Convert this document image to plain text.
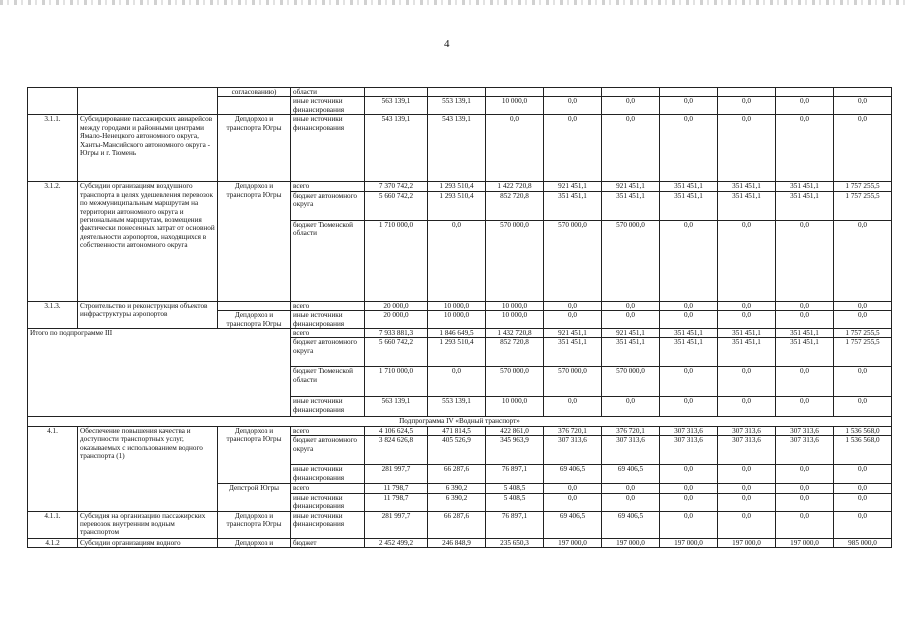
4
		согласованию)	области									
			иные источники финансирования	563 139,1	553 139,1	10 000,0	0,0	0,0	0,0	0,0	0,0	0,0
3.1.1.	Субсидирование пассажирских авиарейсов между городами и районными центрами Ямало-Ненецкого автономного округа, Ханты-Мансийского автономного округа - Югры и г. Тюмень	Депдорхоз и транспорта Югры	иные источники финансирования	543 139,1	543 139,1	0,0	0,0	0,0	0,0	0,0	0,0	0,0
3.1.2.	Субсидии организациям воздушного транспорта в целях удешевления перевозок по межмуниципальным маршрутам на территории автономного округа и региональным маршрутам, возмещения фактически понесенных затрат от основной деятельности аэропортов, находящихся в собственности автономного округа	Депдорхоз и транспорта Югры	всего	7 370 742,2	1 293 510,4	1 422 720,8	921 451,1	921 451,1	351 451,1	351 451,1	351 451,1	1 757 255,5
			бюджет автономного округа	5 660 742,2	1 293 510,4	852 720,8	351 451,1	351 451,1	351 451,1	351 451,1	351 451,1	1 757 255,5
			бюджет Тюменской области	1 710 000,0	0,0	570 000,0	570 000,0	570 000,0	0,0	0,0	0,0	0,0
3.1.3.	Строительство и реконструкция объектов инфраструктуры аэропортов		всего	20 000,0	10 000,0	10 000,0	0,0	0,0	0,0	0,0	0,0	0,0
		Депдорхоз и транспорта Югры	иные источники финансирования	20 000,0	10 000,0	10 000,0	0,0	0,0	0,0	0,0	0,0	0,0
Итого по подпрограмме III			всего	7 933 881,3	1 846 649,5	1 432 720,8	921 451,1	921 451,1	351 451,1	351 451,1	351 451,1	1 757 255,5
			бюджет автономного округа	5 660 742,2	1 293 510,4	852 720,8	351 451,1	351 451,1	351 451,1	351 451,1	351 451,1	1 757 255,5
			бюджет Тюменской области	1 710 000,0	0,0	570 000,0	570 000,0	570 000,0	0,0	0,0	0,0	0,0
			иные источники финансирования	563 139,1	553 139,1	10 000,0	0,0	0,0	0,0	0,0	0,0	0,0
Подпрограмма IV «Водный транспорт»												
4.1.	Обеспечение повышения качества и доступности транспортных услуг, оказываемых с использованием водного транспорта (1)	Депдорхоз и транспорта Югры	всего	4 106 624,5	471 814,5	422 861,0	376 720,1	376 720,1	307 313,6	307 313,6	307 313,6	1 536 568,0
			бюджет автономного округа	3 824 626,8	405 526,9	345 963,9	307 313,6	307 313,6	307 313,6	307 313,6	307 313,6	1 536 568,0
			иные источники финансирования	281 997,7	66 287,6	76 897,1	69 406,5	69 406,5	0,0	0,0	0,0	0,0
		Депстрой Югры	всего	11 798,7	6 390,2	5 408,5	0,0	0,0	0,0	0,0	0,0	0,0
			иные источники финансирования	11 798,7	6 390,2	5 408,5	0,0	0,0	0,0	0,0	0,0	0,0
4.1.1.	Субсидия на организацию пассажирских перевозок внутренним водным транспортом	Депдорхоз и транспорта Югры	иные источники финансирования	281 997,7	66 287,6	76 897,1	69 406,5	69 406,5	0,0	0,0	0,0	0,0
4.1.2	Субсидии организациям водного	Депдорхоз и	бюджет	2 452 499,2	246 848,9	235 650,3	197 000,0	197 000,0	197 000,0	197 000,0	197 000,0	985 000,0
